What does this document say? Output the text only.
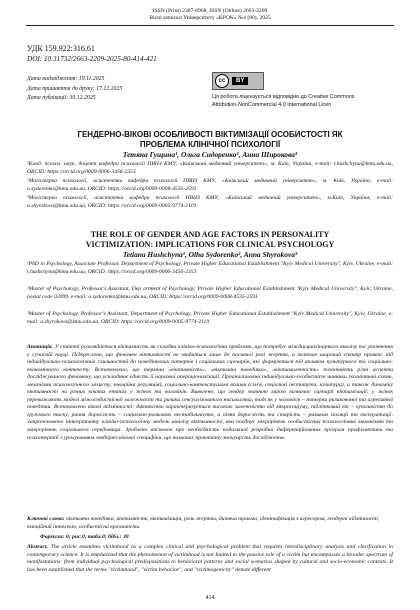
ISSN (Print) 2307-6968, ISSN (Online) 2663-2209
Вісні записки Університету «КРОК» №4 (80), 2025
УДК 159.922:316.61
DOI: 10.31732/2663-2209-2025-80-414-421
Дата надходження: 19.11.2025
Дата прийняття до друку: 17.12.2025
Дата публікації: 30.12.2025
cc	BY
Ця робота ліцензується відповідно до Creative Commons
Attribution-NonCommercial 4.0 International Licen
ГЕНДЕРНО-ВІКОВІ ОСОБЛИВОСТІ ВІКТИМІЗАЦІЇ ОСОБИСТОСТІ ЯК
ПРОБЛЕМА КЛІНІЧНОЇ ПСИХОЛОГІЇ
Тетяна Гущина¹, Ольга Сидоренко², Анна Широкова³
¹Канд. психол. наук, доцент кафедри психології ПВНЗ КМУ, «Київський медичний університет», м. Київ, Україна, e-mail: t.hushchyna@kmu.edu.ua, ORCID: https://orcid.org/0009-0006-3456-2353
²Магістерка психології, асистентка кафедри психології ПВНЗ КМУ, «Київський медичний університет», м. Київ, Україна, e-mail: o.sydorenko@kmu.edu.ua, ORCID: https://orcid.org/0009-0008-4535-2591
³Магістерка психології, асистентка кафедри психології ПВНЗ КМУ, «Київський медичний університет», м.Київ, Україна, e-mail: a.shyrokova@kmu.edu.ua, ORCID: https://orcid.org/0009-0005-9774-2119
THE ROLE OF GENDER AND AGE FACTORS IN PERSONALITY
VICTIMIZATION: IMPLICATIONS FOR CLINICAL PSYCHOLOGY
Tetiana Hushchyna¹, Olha Sydorenko², Anna Shyrokova³
¹PhD in Psychology, Associate Professor, Department of Psychology, Private Higher Educational Establishment "Kyiv Medical University", Kyiv, Ukraine, e-mail: t.hushchyna@kmu.edu.ua, ORCID: https://orcid.org/0009-0006-3456-2353
²Master of Psychology, Professor's Assistant, Dep artment of Psychology, Private Higher Educational Establishment "Kyiv Medical University", Kyiv, Ukraine, postal code 02099, e-mail: o.sydorenko@kmu.edu.ua, ORCID: https://orcid.org/0009-0008-4535-2591
³Master of Psychology, Professor's Assistant, Department of Psychology, Private Higher Educational Establishment "Kyiv Medical University", Kyiv, Ukraine, e-mail: a.shyrokova@kmu.edu.ua, ORCID: https://orcid.org/0009-0005-9774-2119
Анотація. У статті розглядається віктимність як складна клініко-психологічна проблема, що потребує міждисциплінарного аналізу та уточнення у сучасній науці. Підкреслено, що феномен віктимності не зводиться лише до пасивної ролі жертви, а включає широкий спектр проявів: від індивідуально-психологічних схильностей до поведінкових патернів і соціальних сценаріїв, які формуються під впливом культурного та соціально-економічного контексту. Встановлено, що терміни «віктимність», «віктимна поведінка», «віктимогенність» позначають різні аспекти досліджуваного феномену, що ускладнює єдність її наукової операціоналізації. Проаналізовано індивідуально-особистісні чинники (когнітивні схеми, механізми психологічного захисту, емоційна регуляція), соціально-контекстуальні впливи (сім'я, соціальні інститути, культура), а також динаміку віктимності на різних вікових етапах у жінок та чоловіків. Виявлено, що гендер значною мірою визначає сценарії віктимізації: у жінок переважають моделі міжособистісної залежності та ризики сексуалізованого насильства, тоді як у чоловіків – патерни ризикованої та агресивної поведінки. Встановлено вікові відмінності: дитинство характеризується високою залежністю від мікросоціуму, підлітковий вік – чутливістю до групового тиску, рання дорослість – соціально-рольовою нестабільністю, а пізня дорослість та старість – ризиком ізоляції та експлуатації. Запропоновано інтегративну клініко-психологічну модель аналізу віктимності, яка поєднує мікрорівень особистісних психологічних механізмів та макрорівень соціального середовища. Зроблено висновок про необхідність подальшої розробки диференційованих програм профілактики та психотерапії з урахуванням гендерно-вікової специфіки, що визначає практичну значущість дослідження.
Ключові слова: віктимна поведінка, віктимність, віктимізація, роль жертви, дитяча травма, ідентифікація з агресором, гендерні відмінності, емоційний інтелект, особистісна вразливість.
Формули: 0; рис.0, табл.0; бібл.: 30
Abstract. The article examines victimhood as a complex clinical and psychological problem that requires interdisciplinary analysis and clarification in contemporary science. It is emphasized that the phenomenon of victimhood is not limited to the passive role of a victim but encompasses a broader spectrum of manifestations: from individual psychological predispositions to behavioral patterns and social scenarios shaped by cultural and socio-economic contexts. It has been established that the terms "victimhood", "victim behavior", and "victimogenicity" denote different
414
